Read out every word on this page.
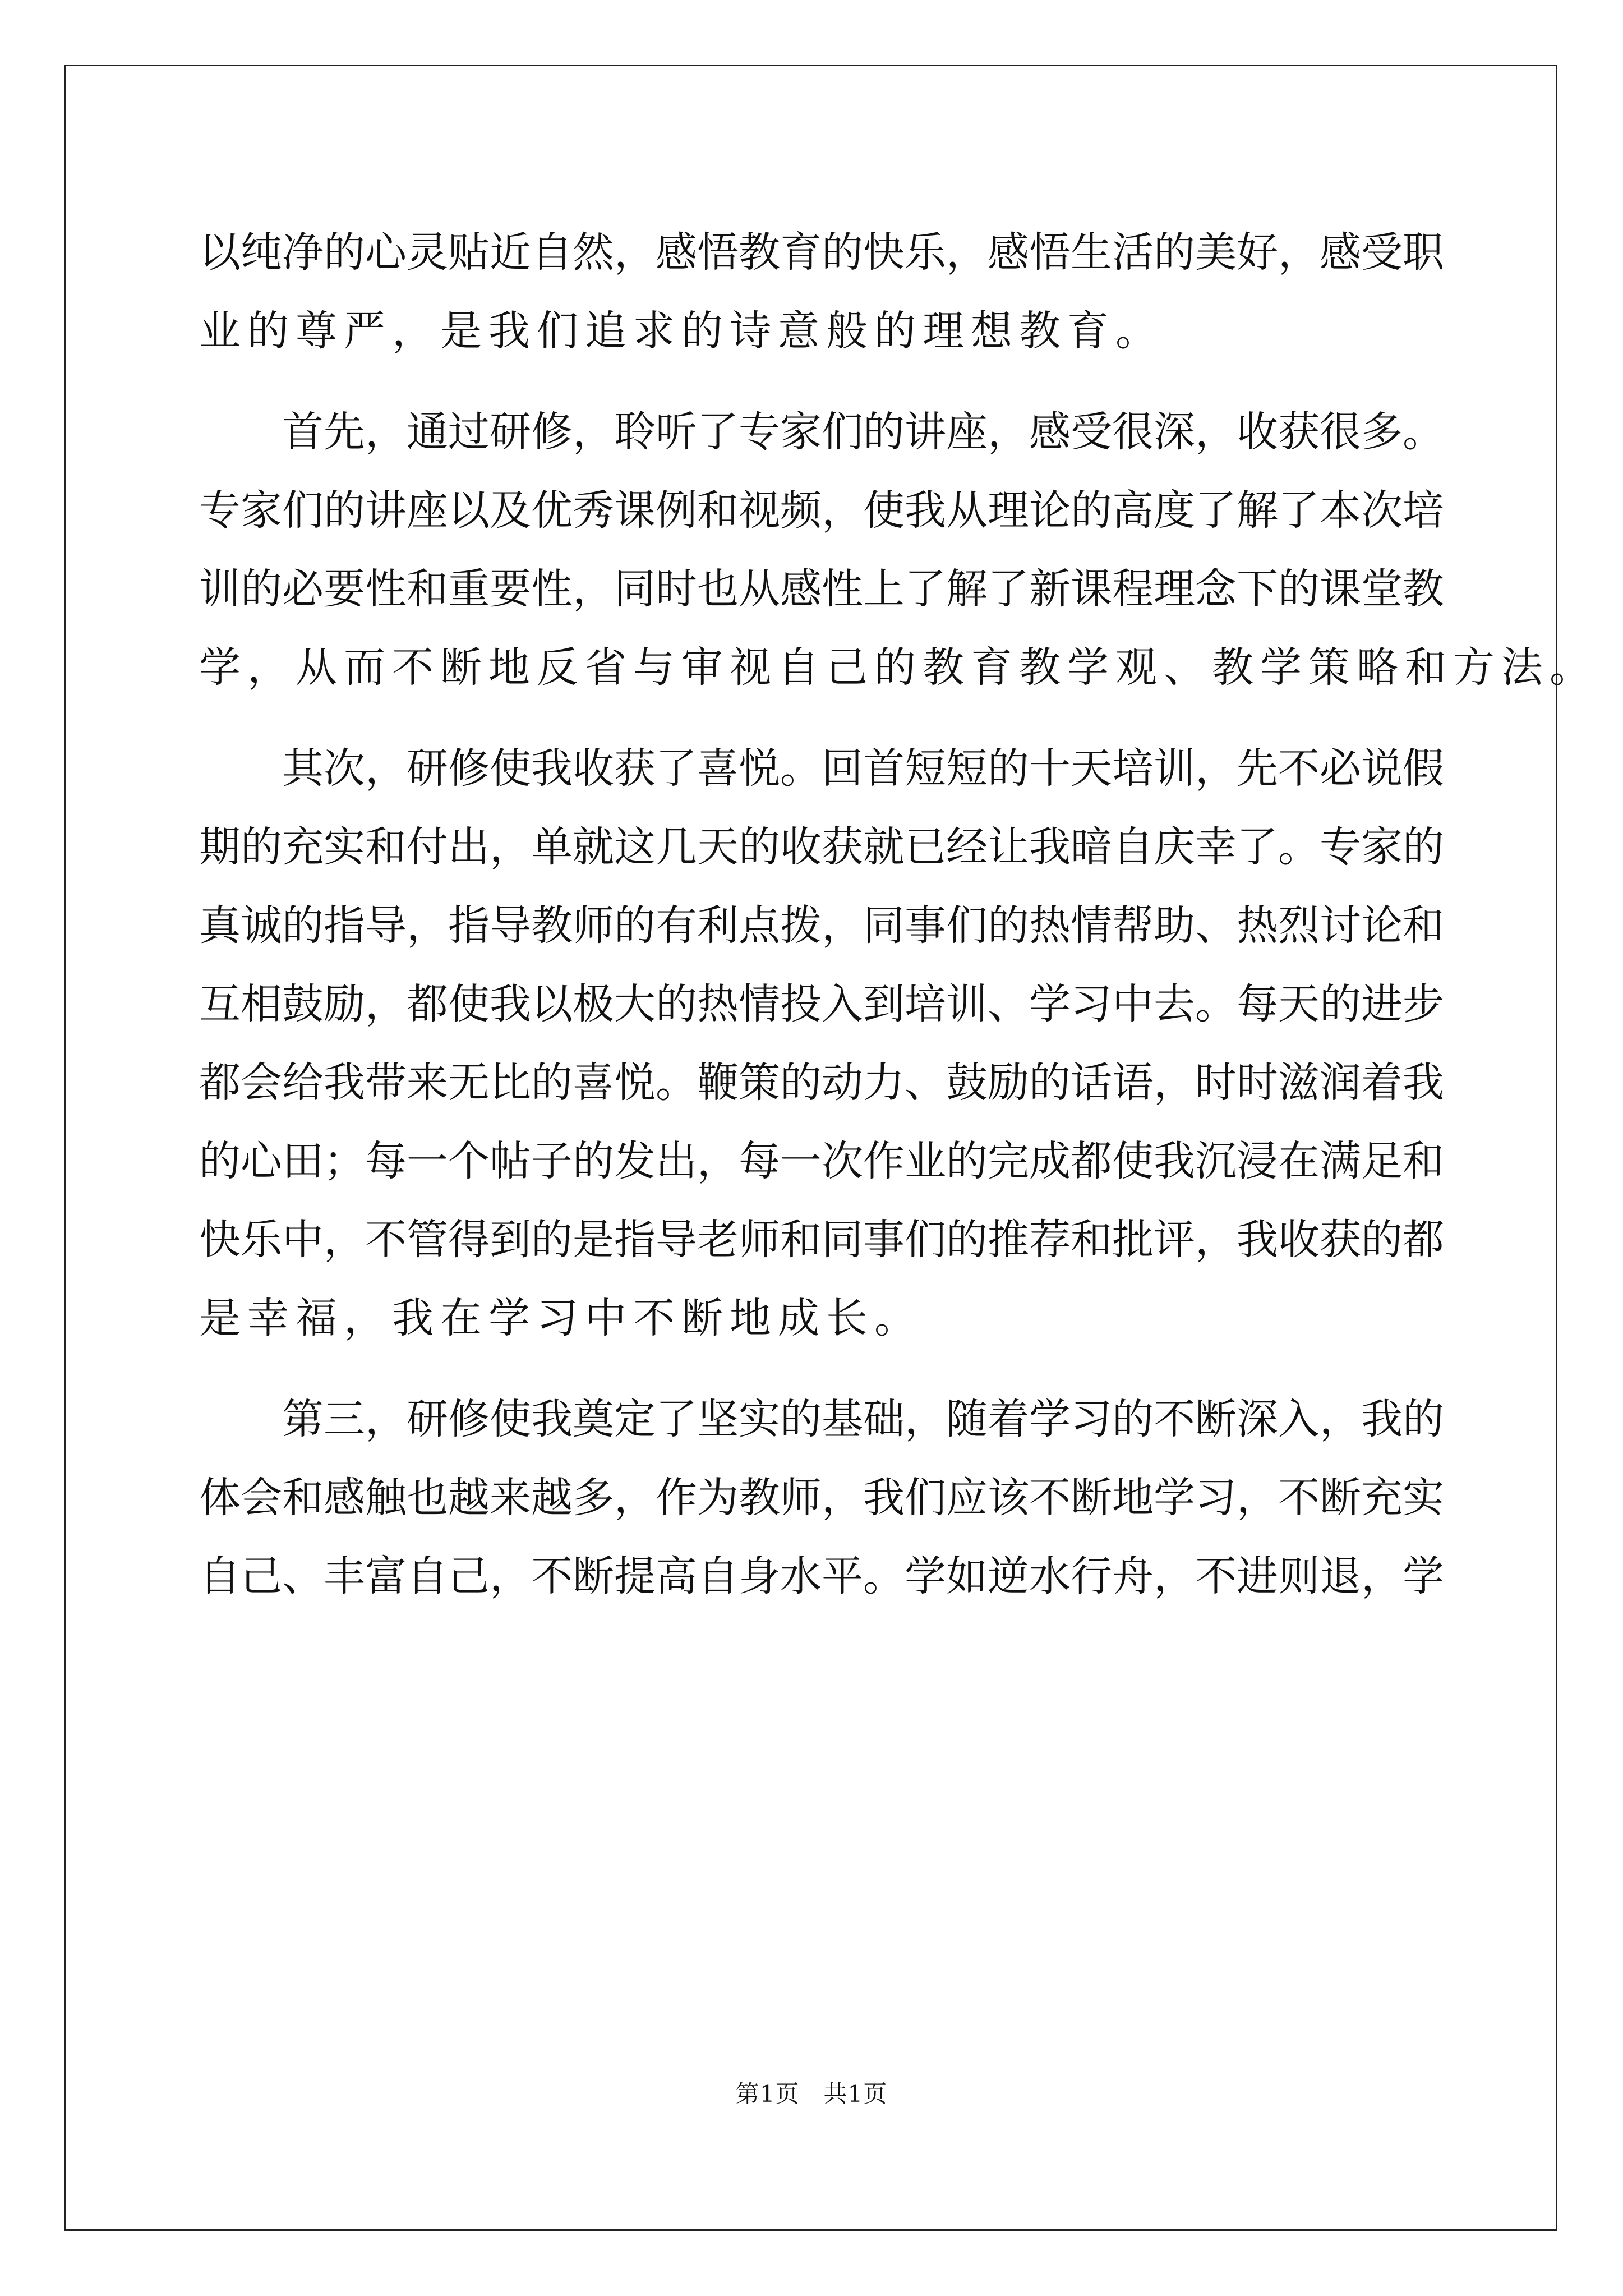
以纯净的心灵贴近自然，感悟教育的快乐，感悟生活的美好，感受职
业的尊严，是我们追求的诗意般的理想教育。
首先，通过研修，聆听了专家们的讲座，感受很深，收获很多。
专家们的讲座以及优秀课例和视频，使我从理论的高度了解了本次培
训的必要性和重要性，同时也从感性上了解了新课程理念下的课堂教
学，从而不断地反省与审视自己的教育教学观、教学策略和方法。
其次，研修使我收获了喜悦。回首短短的十天培训，先不必说假
期的充实和付出，单就这几天的收获就已经让我暗自庆幸了。专家的
真诚的指导，指导教师的有利点拨，同事们的热情帮助、热烈讨论和
互相鼓励，都使我以极大的热情投入到培训、学习中去。每天的进步
都会给我带来无比的喜悦。鞭策的动力、鼓励的话语，时时滋润着我
的心田；每一个帖子的发出，每一次作业的完成都使我沉浸在满足和
快乐中，不管得到的是指导老师和同事们的推荐和批评，我收获的都
是幸福，我在学习中不断地成长。
第三，研修使我奠定了坚实的基础，随着学习的不断深入，我的
体会和感触也越来越多，作为教师，我们应该不断地学习，不断充实
自己、丰富自己，不断提高自身水平。学如逆水行舟，不进则退，学
第1页　共1页
